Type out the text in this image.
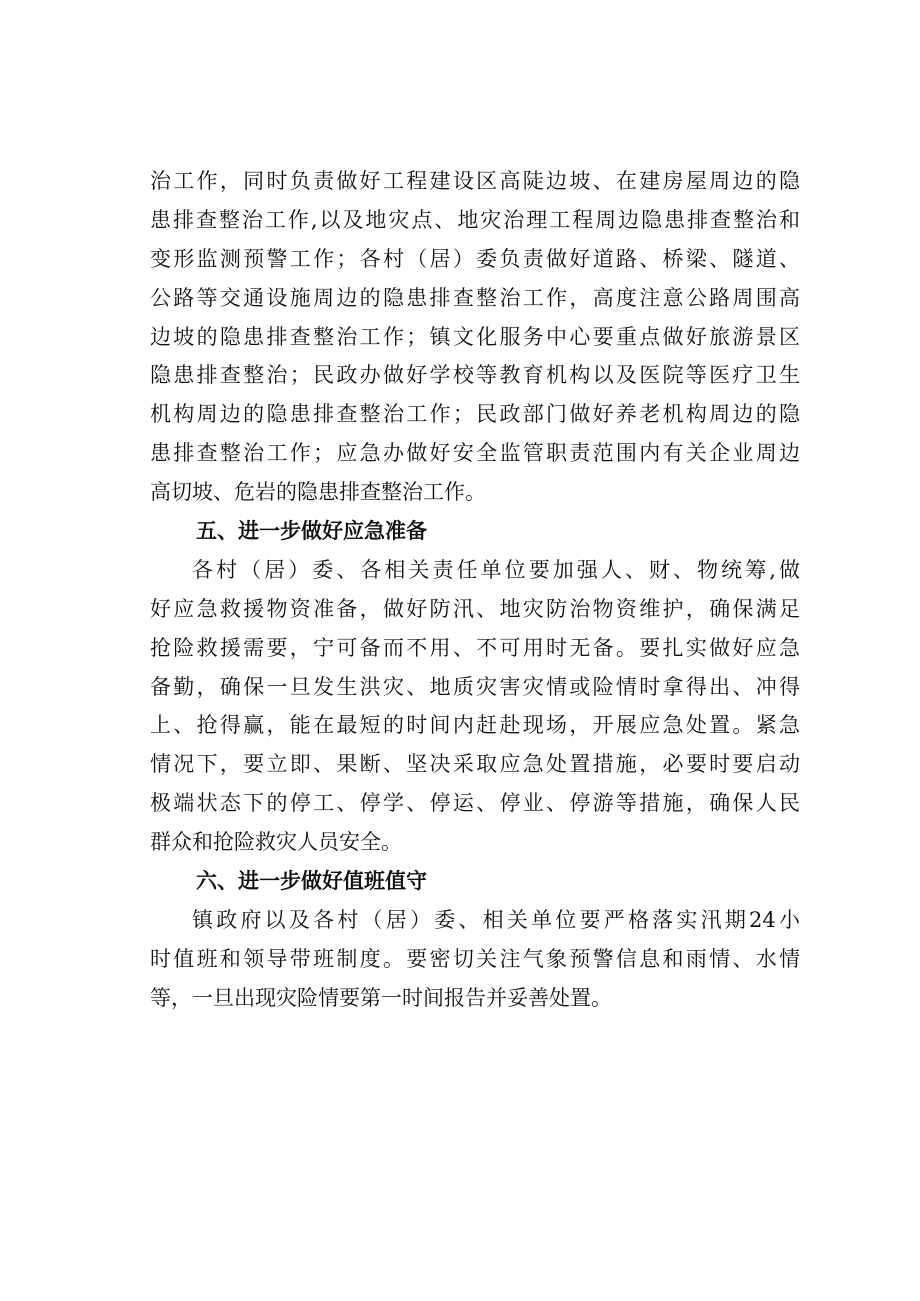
治工作，同时负责做好工程建设区高陡边坡、在建房屋周边的隐
患排查整治工作,以及地灾点、地灾治理工程周边隐患排查整治和
变形监测预警工作；各村（居）委负责做好道路、桥梁、隧道、
公路等交通设施周边的隐患排查整治工作，高度注意公路周围高
边坡的隐患排查整治工作；镇文化服务中心要重点做好旅游景区
隐患排查整治；民政办做好学校等教育机构以及医院等医疗卫生
机构周边的隐患排查整治工作；民政部门做好养老机构周边的隐
患排查整治工作；应急办做好安全监管职责范围内有关企业周边
高切坡、危岩的隐患排查整治工作。
五、进一步做好应急准备
各村（居）委、各相关责任单位要加强人、财、物统筹,做
好应急救援物资准备，做好防汛、地灾防治物资维护，确保满足
抢险救援需要，宁可备而不用、不可用时无备。要扎实做好应急
备勤，确保一旦发生洪灾、地质灾害灾情或险情时拿得出、冲得
上、抢得赢，能在最短的时间内赶赴现场，开展应急处置。紧急
情况下，要立即、果断、坚决采取应急处置措施，必要时要启动
极端状态下的停工、停学、停运、停业、停游等措施，确保人民
群众和抢险救灾人员安全。
六、进一步做好值班值守
镇政府以及各村（居）委、相关单位要严格落实汛期24小
时值班和领导带班制度。要密切关注气象预警信息和雨情、水情
等，一旦出现灾险情要第一时间报告并妥善处置。
